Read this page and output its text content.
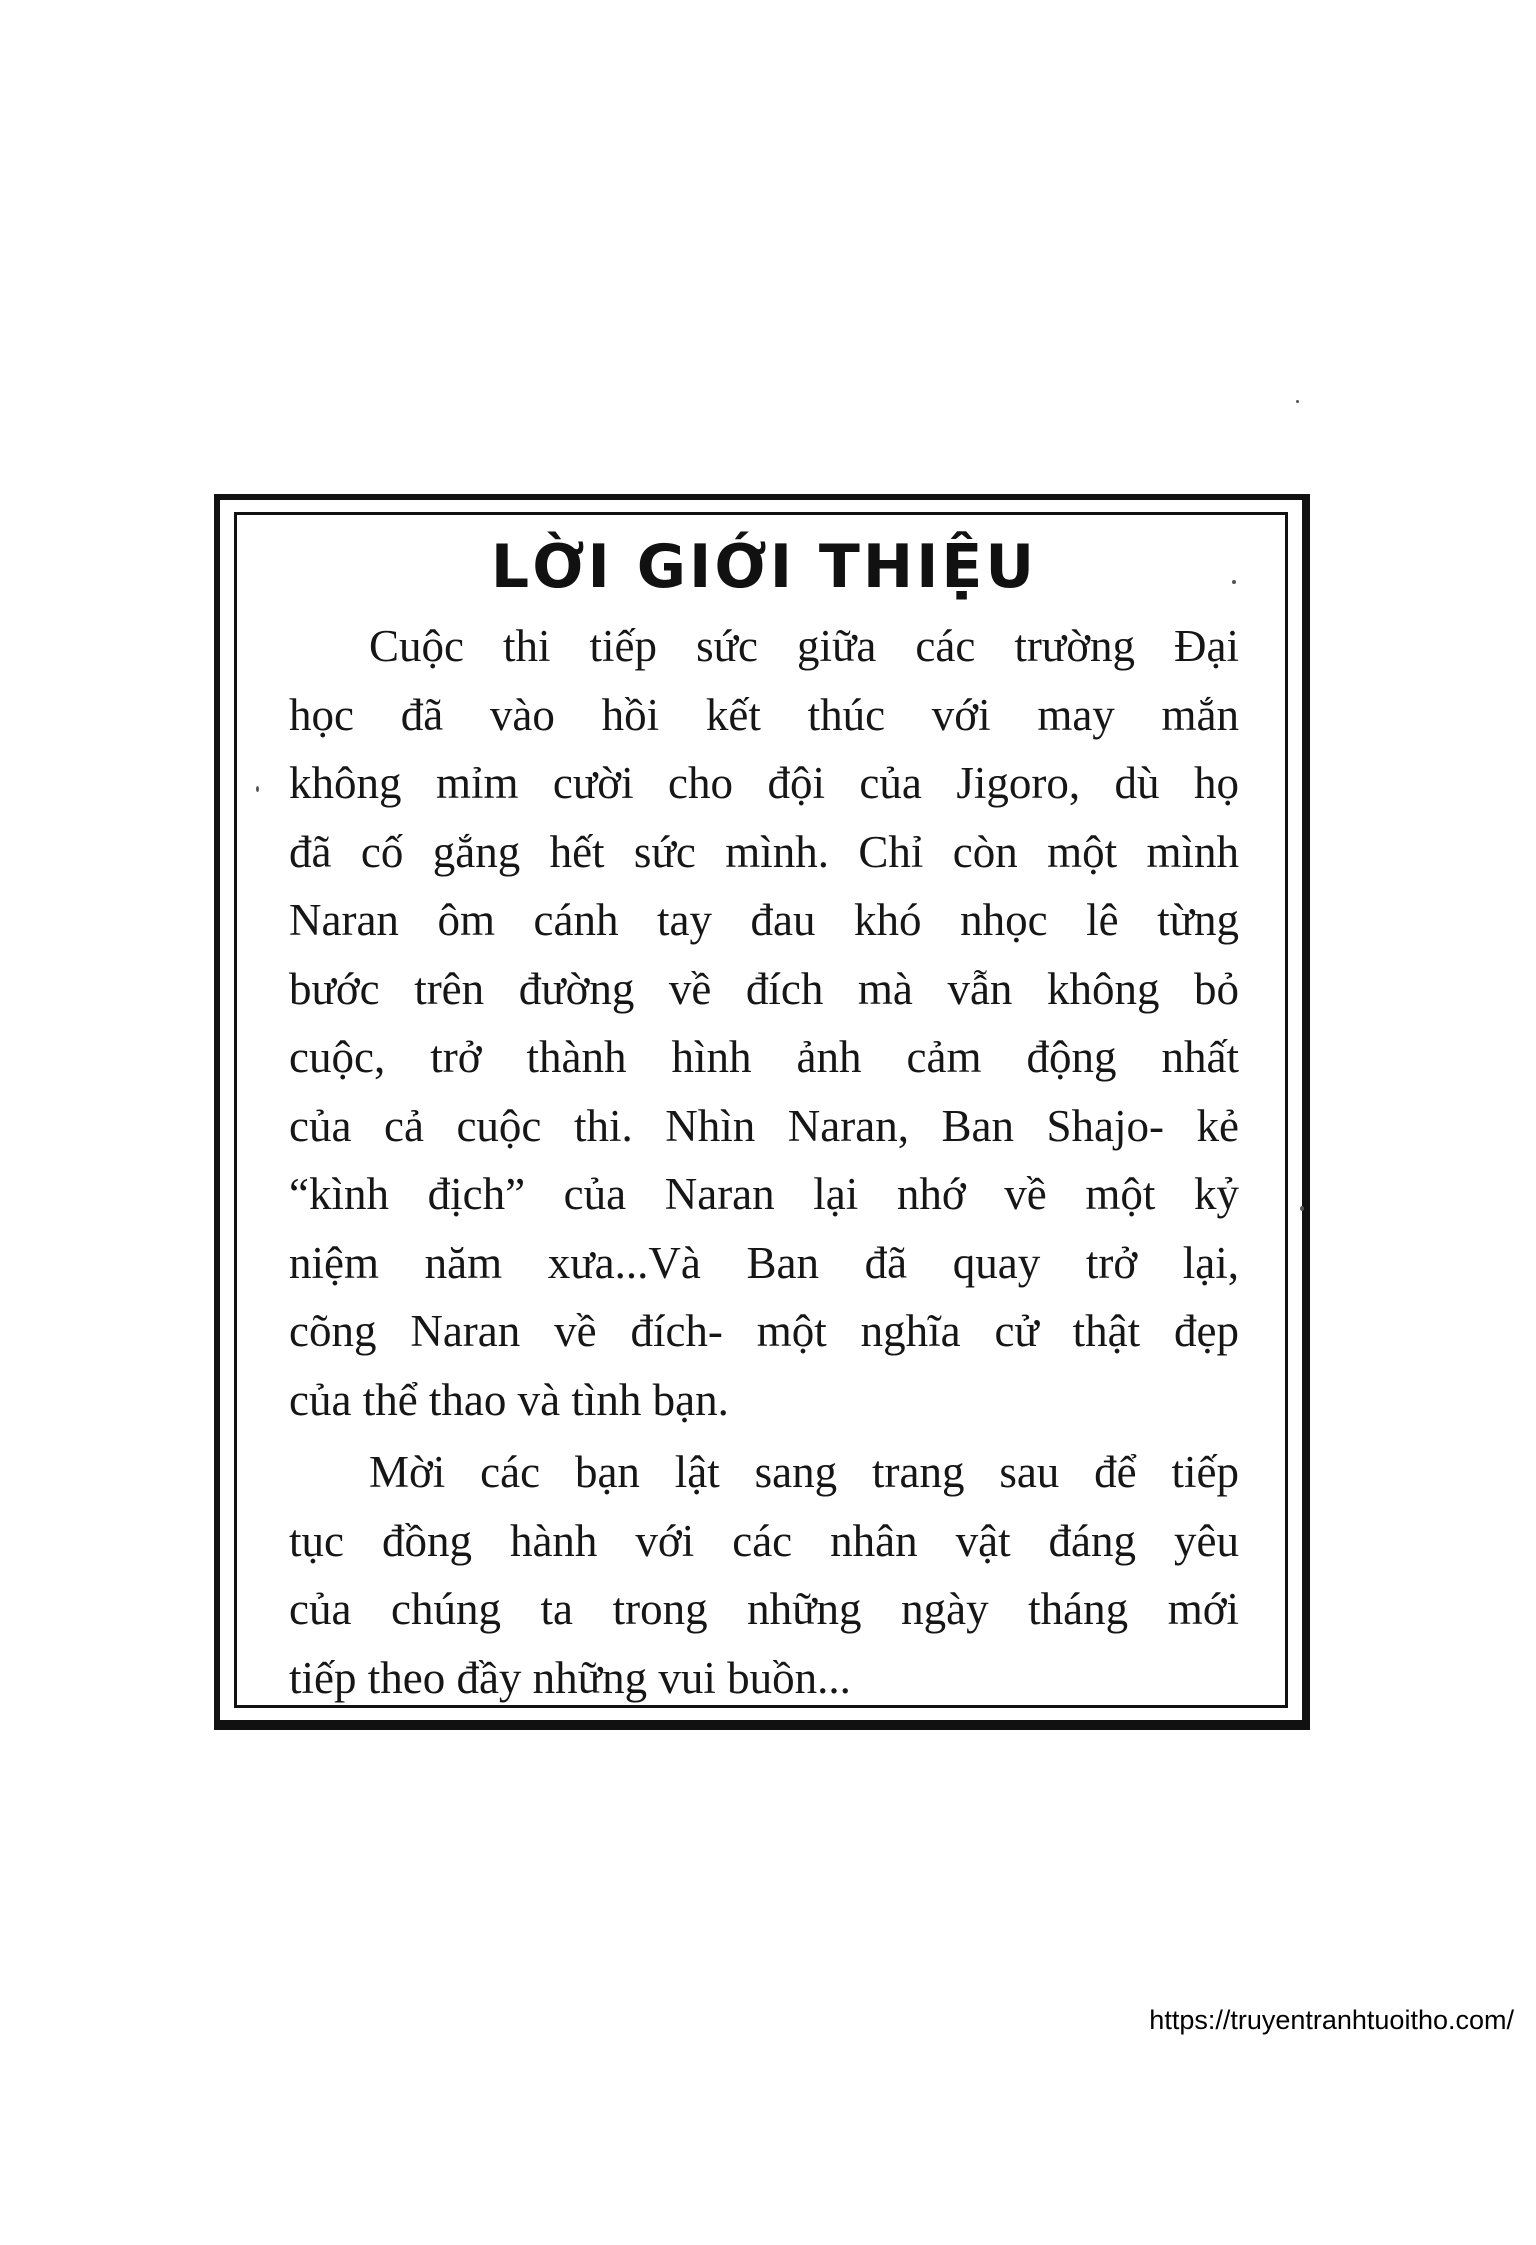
LỜI GIỚI THIỆU

Cuộc thi tiếp sức giữa các trường Đại
học đã vào hồi kết thúc với may mắn
không mỉm cười cho đội của Jigoro, dù họ
đã cố gắng hết sức mình. Chỉ còn một mình
Naran ôm cánh tay đau khó nhọc lê từng
bước trên đường về đích mà vẫn không bỏ
cuộc, trở thành hình ảnh cảm động nhất
của cả cuộc thi. Nhìn Naran, Ban Shajo- kẻ
“kình địch” của Naran lại nhớ về một kỷ
niệm năm xưa...Và Ban đã quay trở lại,
cõng Naran về đích- một nghĩa cử thật đẹp
của thể thao và tình bạn.

Mời các bạn lật sang trang sau để tiếp
tục đồng hành với các nhân vật đáng yêu
của chúng ta trong những ngày tháng mới
tiếp theo đầy những vui buồn...

https://truyentranhtuoitho.com/
